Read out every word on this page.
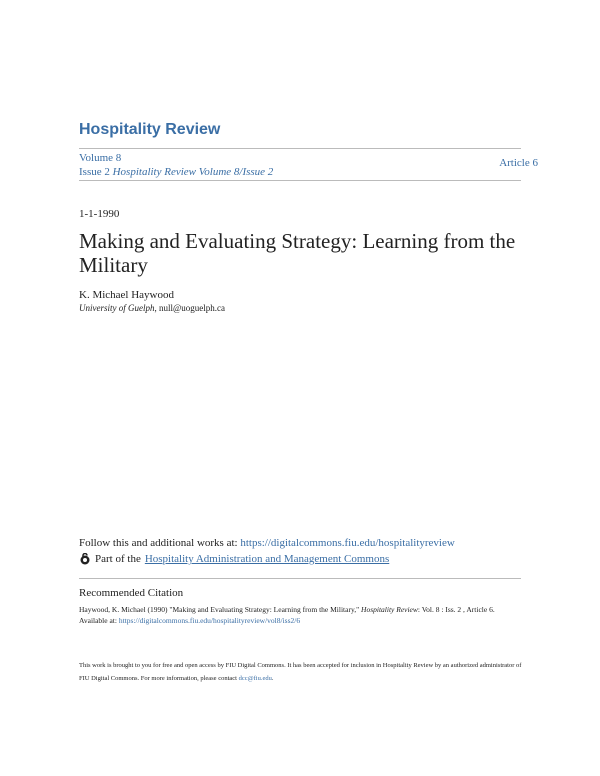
Hospitality Review
Volume 8
Issue 2 Hospitality Review Volume 8/Issue 2
Article 6
1-1-1990
Making and Evaluating Strategy: Learning from the Military
K. Michael Haywood
University of Guelph, null@uoguelph.ca
Follow this and additional works at: https://digitalcommons.fiu.edu/hospitalityreview
Part of the Hospitality Administration and Management Commons
Recommended Citation
Haywood, K. Michael (1990) "Making and Evaluating Strategy: Learning from the Military," Hospitality Review: Vol. 8 : Iss. 2 , Article 6.
Available at: https://digitalcommons.fiu.edu/hospitalityreview/vol8/iss2/6
This work is brought to you for free and open access by FIU Digital Commons. It has been accepted for inclusion in Hospitality Review by an authorized administrator of FIU Digital Commons. For more information, please contact dcc@fiu.edu.
